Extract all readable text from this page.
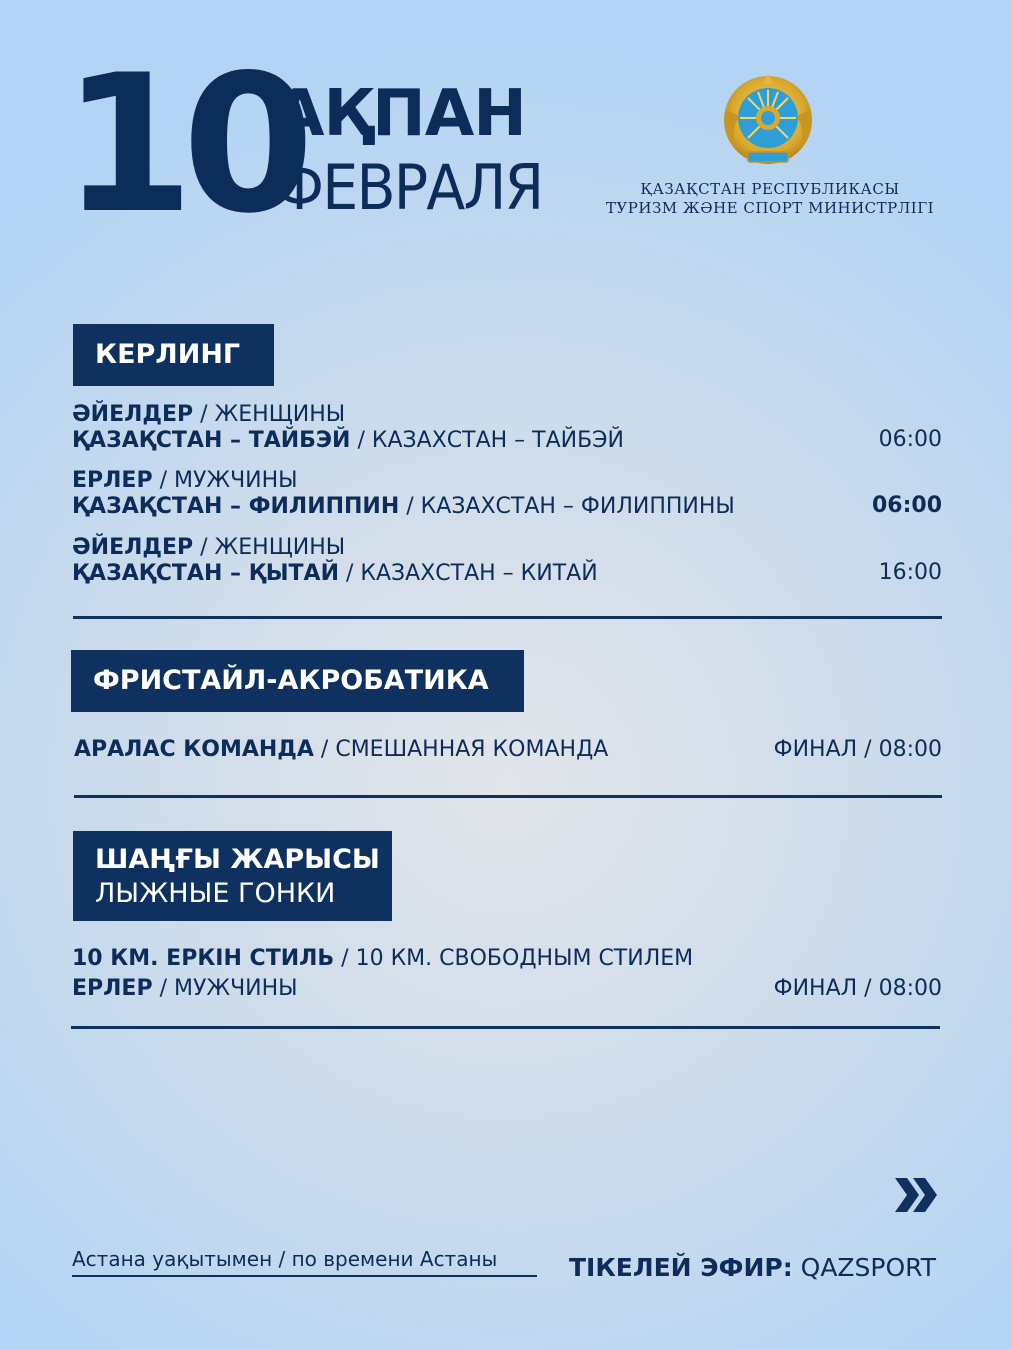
10
АҚПАН
ФЕВРАЛЯ	ҚАЗАҚСТАН РЕСПУБЛИКАСЫ
ТУРИЗМ ЖӘНЕ СПОРТ МИНИСТРЛІГІ
КЕРЛИНГ
ӘЙЕЛДЕР / ЖЕНЩИНЫ
ҚАЗАҚСТАН – ТАЙБЭЙ / КАЗАХСТАН – ТАЙБЭЙ	06:00
ЕРЛЕР / МУЖЧИНЫ
ҚАЗАҚСТАН – ФИЛИППИН / КАЗАХСТАН – ФИЛИППИНЫ	06:00
ӘЙЕЛДЕР / ЖЕНЩИНЫ
ҚАЗАҚСТАН – ҚЫТАЙ / КАЗАХСТАН – КИТАЙ	16:00
ФРИСТАЙЛ-АКРОБАТИКА
АРАЛАС КОМАНДА / СМЕШАННАЯ КОМАНДА	ФИНАЛ / 08:00
ШАҢҒЫ ЖАРЫСЫ
ЛЫЖНЫЕ ГОНКИ
10 КМ. ЕРКІН СТИЛЬ / 10 КМ. СВОБОДНЫМ СТИЛЕМ
ЕРЛЕР / МУЖЧИНЫ	ФИНАЛ / 08:00
Астана уақытымен / по времени Астаны	ТІКЕЛЕЙ ЭФИР: QAZSPORT
